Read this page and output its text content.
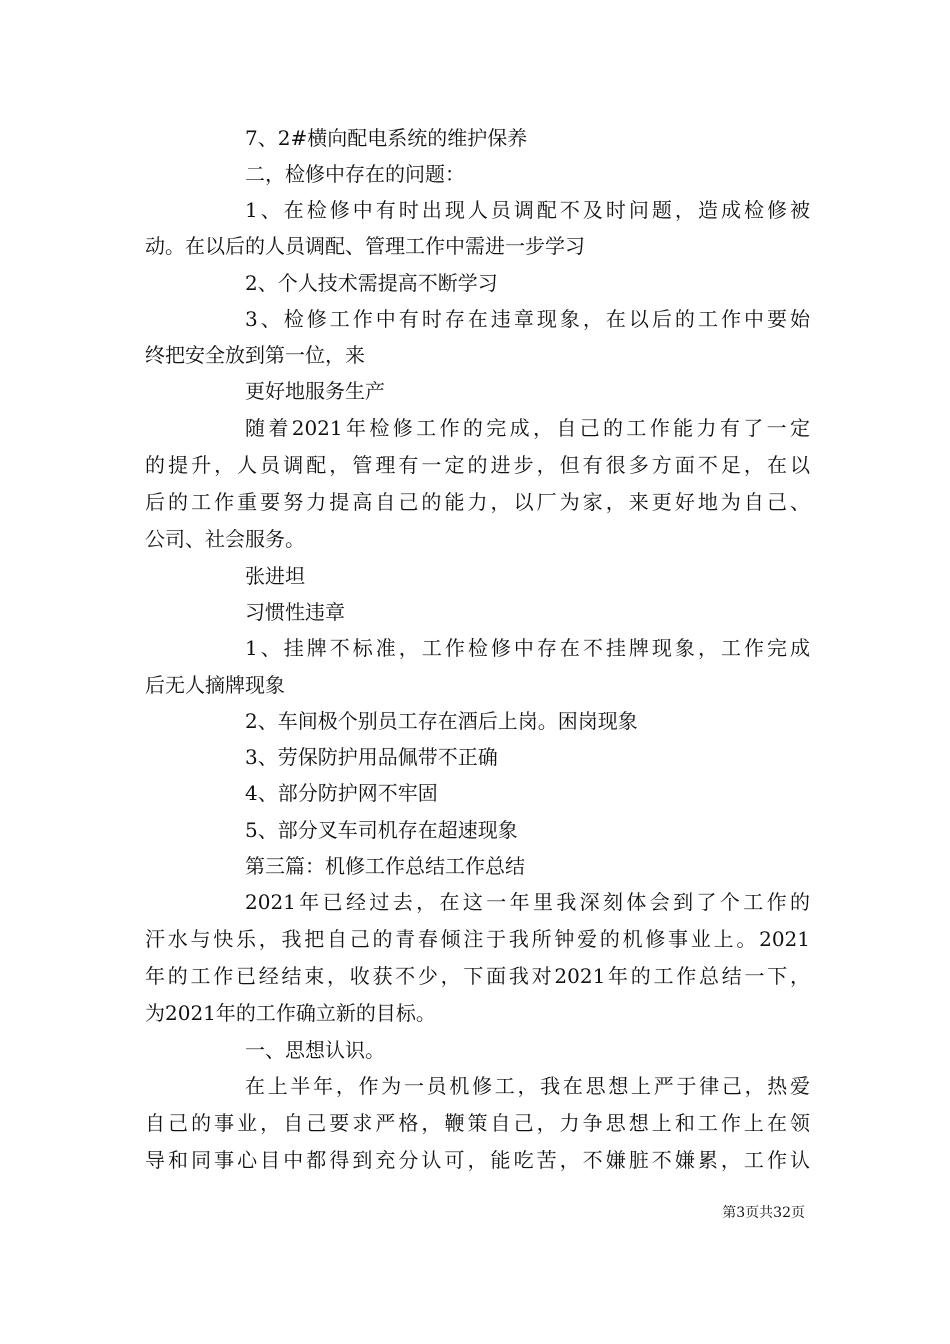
7、2#横向配电系统的维护保养
二，检修中存在的问题：
1、在检修中有时出现人员调配不及时问题，造成检修被
动。在以后的人员调配、管理工作中需进一步学习
2、个人技术需提高不断学习
3、检修工作中有时存在违章现象，在以后的工作中要始
终把安全放到第一位，来
更好地服务生产
随着2021年检修工作的完成，自己的工作能力有了一定
的提升，人员调配，管理有一定的进步，但有很多方面不足，在以
后的工作重要努力提高自己的能力，以厂为家，来更好地为自己、
公司、社会服务。
张进坦
习惯性违章
1、挂牌不标准，工作检修中存在不挂牌现象，工作完成
后无人摘牌现象
2、车间极个别员工存在酒后上岗。困岗现象
3、劳保防护用品佩带不正确
4、部分防护网不牢固
5、部分叉车司机存在超速现象
第三篇：机修工作总结工作总结
2021年已经过去，在这一年里我深刻体会到了个工作的
汗水与快乐，我把自己的青春倾注于我所钟爱的机修事业上。2021
年的工作已经结束，收获不少，下面我对2021年的工作总结一下，
为2021年的工作确立新的目标。
一、思想认识。
在上半年，作为一员机修工，我在思想上严于律己，热爱
自己的事业，自己要求严格，鞭策自己，力争思想上和工作上在领
导和同事心目中都得到充分认可，能吃苦，不嫌脏不嫌累，工作认
第3页共32页
